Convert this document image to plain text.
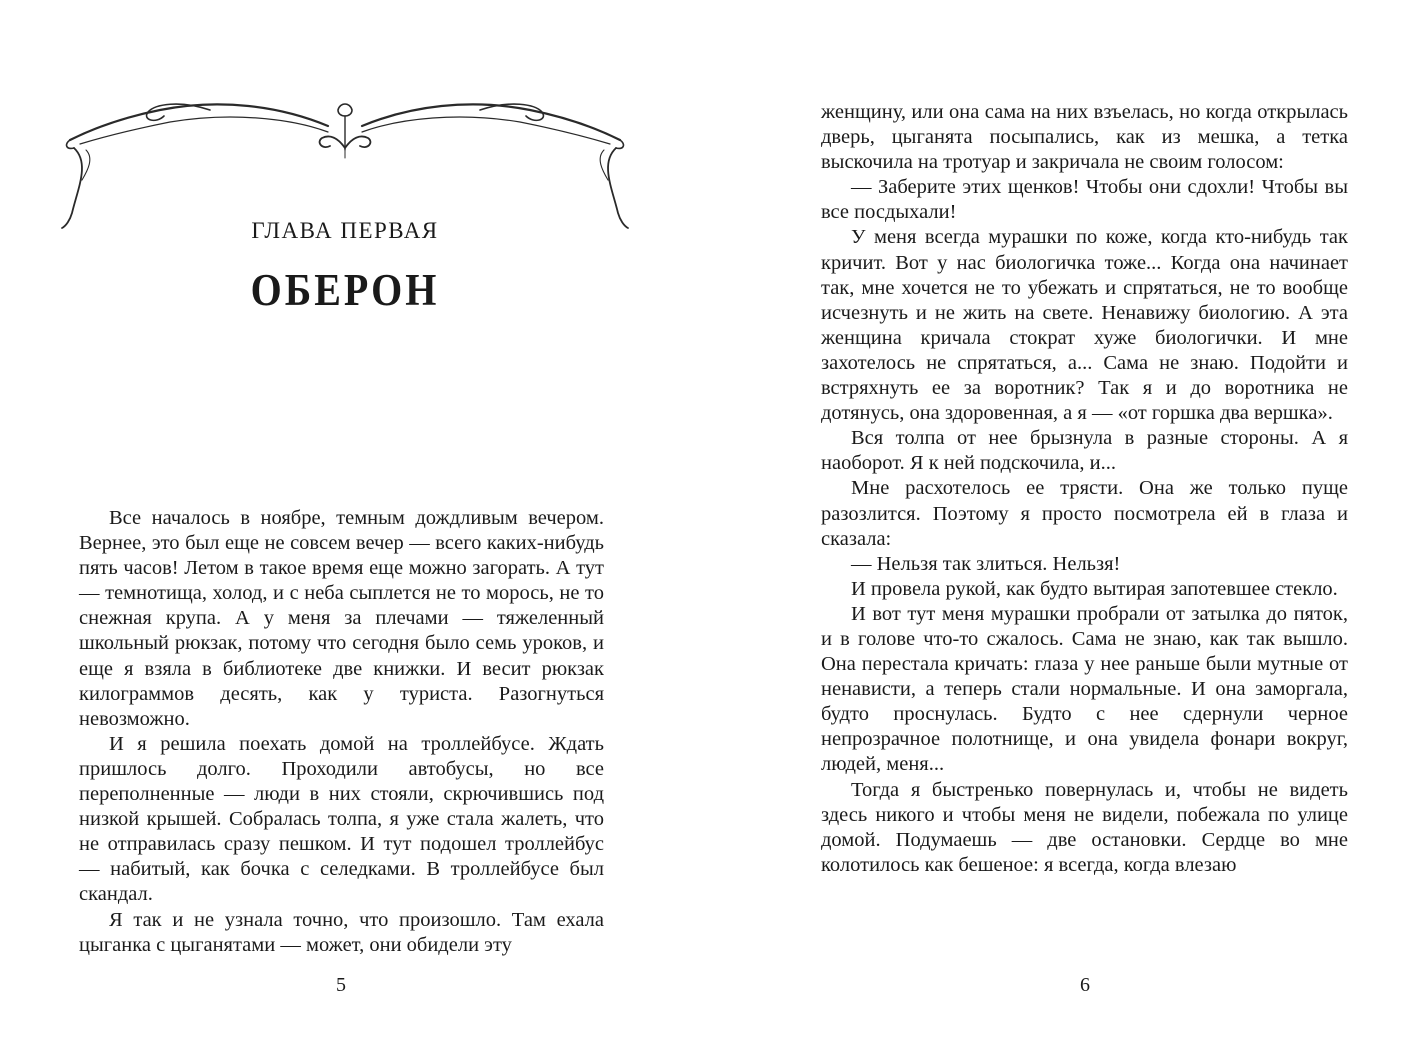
ГЛАВА ПЕРВАЯ
ОБЕРОН

Все началось в ноябре, темным дождливым вечером. Вернее, это был еще не совсем вечер — всего каких-нибудь пять часов! Летом в такое время еще можно загорать. А тут — темнотища, холод, и с неба сыплется не то морось, не то снежная крупа. А у меня за плечами — тяжеленный школьный рюкзак, потому что сегодня было семь уроков, и еще я взяла в библиотеке две книжки. И весит рюкзак килограммов десять, как у туриста. Разогнуться невозможно.

И я решила поехать домой на троллейбусе. Ждать пришлось долго. Проходили автобусы, но все переполненные — люди в них стояли, скрючившись под низкой крышей. Собралась толпа, я уже стала жалеть, что не отправилась сразу пешком. И тут подошел троллейбус — набитый, как бочка с селедками. В троллейбусе был скандал.

Я так и не узнала точно, что произошло. Там ехала цыганка с цыганятами — может, они обидели эту

5

женщину, или она сама на них взъелась, но когда открылась дверь, цыганята посыпались, как из мешка, а тетка выскочила на тротуар и закричала не своим голосом:

— Заберите этих щенков! Чтобы они сдохли! Чтобы вы все посдыхали!

У меня всегда мурашки по коже, когда кто-нибудь так кричит. Вот у нас биологичка тоже... Когда она начинает так, мне хочется не то убежать и спрятаться, не то вообще исчезнуть и не жить на свете. Ненавижу биологию. А эта женщина кричала стократ хуже биологички. И мне захотелось не спрятаться, а... Сама не знаю. Подойти и встряхнуть ее за воротник? Так я и до воротника не дотянусь, она здоровенная, а я — «от горшка два вершка».

Вся толпа от нее брызнула в разные стороны. А я наоборот. Я к ней подскочила, и...

Мне расхотелось ее трясти. Она же только пуще разозлится. Поэтому я просто посмотрела ей в глаза и сказала:

— Нельзя так злиться. Нельзя!

И провела рукой, как будто вытирая запотевшее стекло.

И вот тут меня мурашки пробрали от затылка до пяток, и в голове что-то сжалось. Сама не знаю, как так вышло. Она перестала кричать: глаза у нее раньше были мутные от ненависти, а теперь стали нормальные. И она заморгала, будто проснулась. Будто с нее сдернули черное непрозрачное полотнище, и она увидела фонари вокруг, людей, меня...

Тогда я быстренько повернулась и, чтобы не видеть здесь никого и чтобы меня не видели, побежала по улице домой. Подумаешь — две остановки. Сердце во мне колотилось как бешеное: я всегда, когда влезаю

6
